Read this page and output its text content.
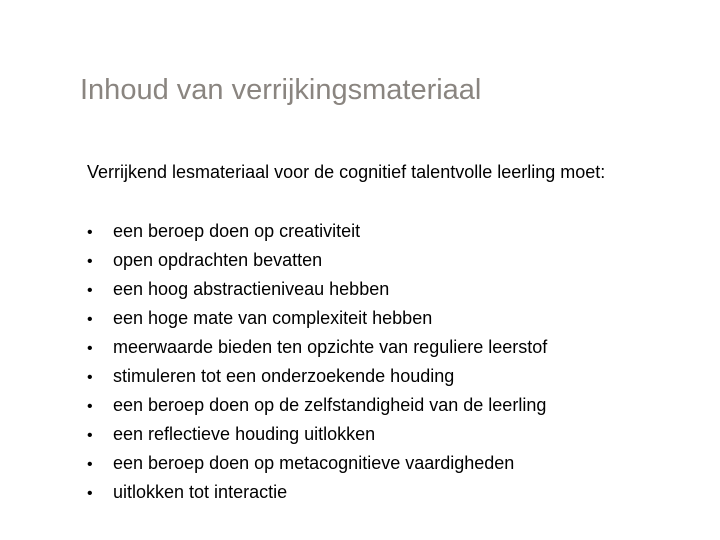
Inhoud van verrijkingsmateriaal
Verrijkend lesmateriaal voor de cognitief talentvolle leerling moet:
•	een beroep doen op creativiteit
•	open opdrachten bevatten
•	een hoog abstractieniveau hebben
•	een hoge mate van complexiteit hebben
•	meerwaarde bieden ten opzichte van reguliere leerstof
•	stimuleren tot een onderzoekende houding
•	een beroep doen op de zelfstandigheid van de leerling
•	een reflectieve houding uitlokken
•	een beroep doen op metacognitieve vaardigheden
•	uitlokken tot interactie
